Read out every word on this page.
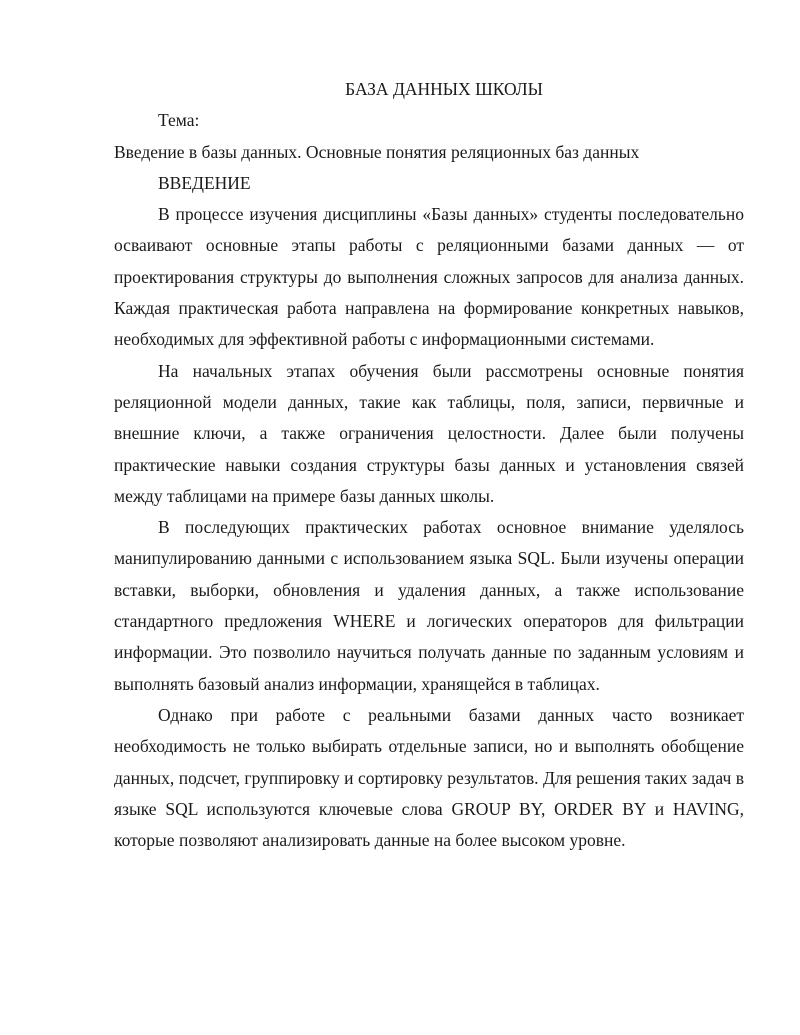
БАЗА ДАННЫХ ШКОЛЫ

Тема:

Введение в базы данных. Основные понятия реляционных баз данных

ВВЕДЕНИЕ

В процессе изучения дисциплины «Базы данных» студенты последовательно осваивают основные этапы работы с реляционными базами данных — от проектирования структуры до выполнения сложных запросов для анализа данных. Каждая практическая работа направлена на формирование конкретных навыков, необходимых для эффективной работы с информационными системами.

На начальных этапах обучения были рассмотрены основные понятия реляционной модели данных, такие как таблицы, поля, записи, первичные и внешние ключи, а также ограничения целостности. Далее были получены практические навыки создания структуры базы данных и установления связей между таблицами на примере базы данных школы.

В последующих практических работах основное внимание уделялось манипулированию данными с использованием языка SQL. Были изучены операции вставки, выборки, обновления и удаления данных, а также использование стандартного предложения WHERE и логических операторов для фильтрации информации. Это позволило научиться получать данные по заданным условиям и выполнять базовый анализ информации, хранящейся в таблицах.

Однако при работе с реальными базами данных часто возникает необходимость не только выбирать отдельные записи, но и выполнять обобщение данных, подсчет, группировку и сортировку результатов. Для решения таких задач в языке SQL используются ключевые слова GROUP BY, ORDER BY и HAVING, которые позволяют анализировать данные на более высоком уровне.
